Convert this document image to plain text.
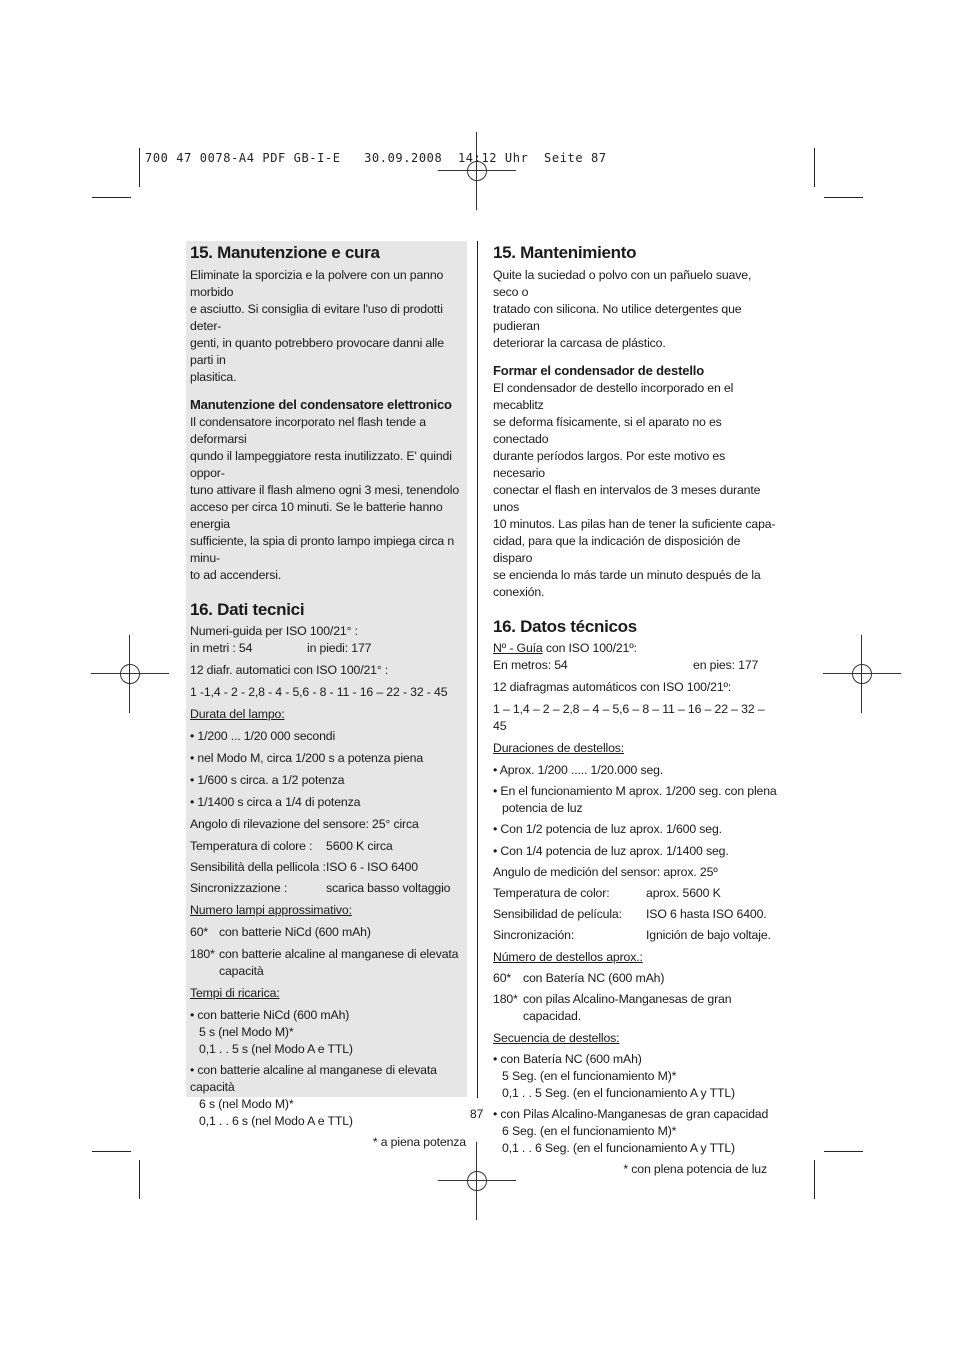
700 47 0078-A4 PDF GB-I-E   30.09.2008  14:12 Uhr  Seite 87

15. Manutenzione e cura

Eliminate la sporcizia e la polvere con un panno morbido

e asciutto. Si consiglia di evitare l'uso di prodotti deter-

genti, in quanto potrebbero provocare danni alle parti in

plasitica.

Manutenzione del condensatore elettronico

Il condensatore incorporato nel flash tende a deformarsi

qundo il lampeggiatore resta inutilizzato. E' quindi oppor-

tuno attivare il flash almeno ogni 3 mesi, tenendolo

acceso per circa 10 minuti. Se le batterie hanno energia

sufficiente, la spia di pronto lampo impiega circa n minu-

to ad accendersi.

16. Dati tecnici

Numeri-guida per ISO 100/21° :

in metri : 54	in piedi: 177

12 diafr. automatici con ISO 100/21° :

1 -1,4 - 2 - 2,8 - 4 - 5,6 - 8 - 11 - 16 – 22 - 32 - 45

Durata del lampo:

• 1/200 ... 1/20 000 secondi

• nel Modo M, circa 1/200 s a potenza piena

• 1/600 s circa. a 1/2 potenza

• 1/1400 s circa a 1/4 di potenza

Angolo di rilevazione del sensore: 25° circa

Temperatura di colore :	5600 K circa

Sensibilità della pellicola : ISO 6 - ISO 6400

Sincronizzazione :	scarica basso voltaggio

Numero lampi approssimativo:

60* con batterie NiCd (600 mAh)

180* con batterie alcaline al manganese di elevata capacità

Tempi di ricarica:

• con batterie NiCd (600 mAh)

5 s (nel Modo M)*

0,1 . . 5 s (nel Modo A e TTL)

• con batterie alcaline al manganese di elevata capacità

6 s (nel Modo M)*

0,1 . . 6 s (nel Modo A e TTL)

* a piena potenza

15. Mantenimiento

Quite la suciedad o polvo con un pañuelo suave, seco o

tratado con silicona. No utilice detergentes que pudieran

deteriorar la carcasa de plástico.

Formar el condensador de destello

El condensador de destello incorporado en el mecablitz

se deforma físicamente, si el aparato no es conectado

durante períodos largos. Por este motivo es necesario

conectar el flash en intervalos de 3 meses durante unos

10 minutos. Las pilas han de tener la suficiente capa-

cidad, para que la indicación de disposición de disparo

se encienda lo más tarde un minuto después de la

conexión.

16. Datos técnicos

Nº - Guía con ISO 100/21º:

En metros: 54	en pies: 177

12 diafragmas automáticos con ISO 100/21º:

1 – 1,4 – 2 – 2,8 – 4 – 5,6 – 8 – 11 – 16 – 22 – 32 – 45

Duraciones de destellos:

• Aprox. 1/200 ..... 1/20.000 seg.

• En el funcionamiento M aprox. 1/200 seg. con plena

potencia de luz

• Con 1/2 potencia de luz aprox. 1/600 seg.

• Con 1/4 potencia de luz aprox. 1/1400 seg.

Angulo de medición del sensor: aprox. 25º

Temperatura de color:	aprox. 5600 K

Sensibilidad de película:	ISO 6 hasta ISO 6400.

Sincronización:	Ignición de bajo voltaje.

Número de destellos aprox.:

60* con Batería NC (600 mAh)

180* con pilas Alcalino-Manganesas de gran capacidad.

Secuencia de destellos:

• con Batería NC (600 mAh)

5 Seg. (en el funcionamiento M)*

0,1 . . 5 Seg. (en el funcionamiento A y TTL)

• con Pilas Alcalino-Manganesas de gran capacidad

6 Seg. (en el funcionamiento M)*

0,1 . . 6 Seg. (en el funcionamiento A y TTL)

* con plena potencia de luz

87
